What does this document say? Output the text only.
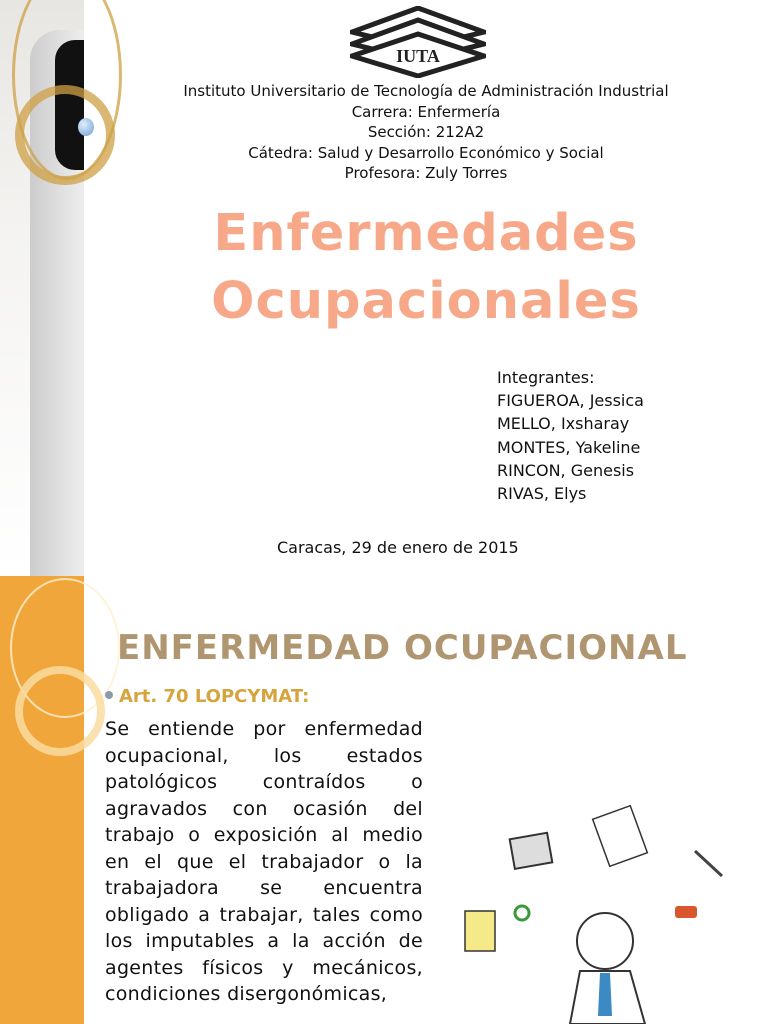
IUTA
Instituto Universitario de Tecnología de Administración Industrial
Carrera: Enfermería
Sección: 212A2
Cátedra: Salud y Desarrollo Económico y Social
Profesora: Zuly Torres
Enfermedades
Ocupacionales
Integrantes:
FIGUEROA, Jessica
MELLO, Ixsharay
MONTES, Yakeline
RINCON, Genesis
RIVAS, Elys
Caracas, 29 de enero de 2015
ENFERMEDAD OCUPACIONAL
Art. 70 LOPCYMAT:
Se entiende por enfermedad ocupacional, los estados patológicos contraídos o agravados con ocasión del trabajo o exposición al medio en el que el trabajador o la trabajadora se encuentra obligado a trabajar, tales como los imputables a la acción de agentes físicos y mecánicos, condiciones disergonómicas,
